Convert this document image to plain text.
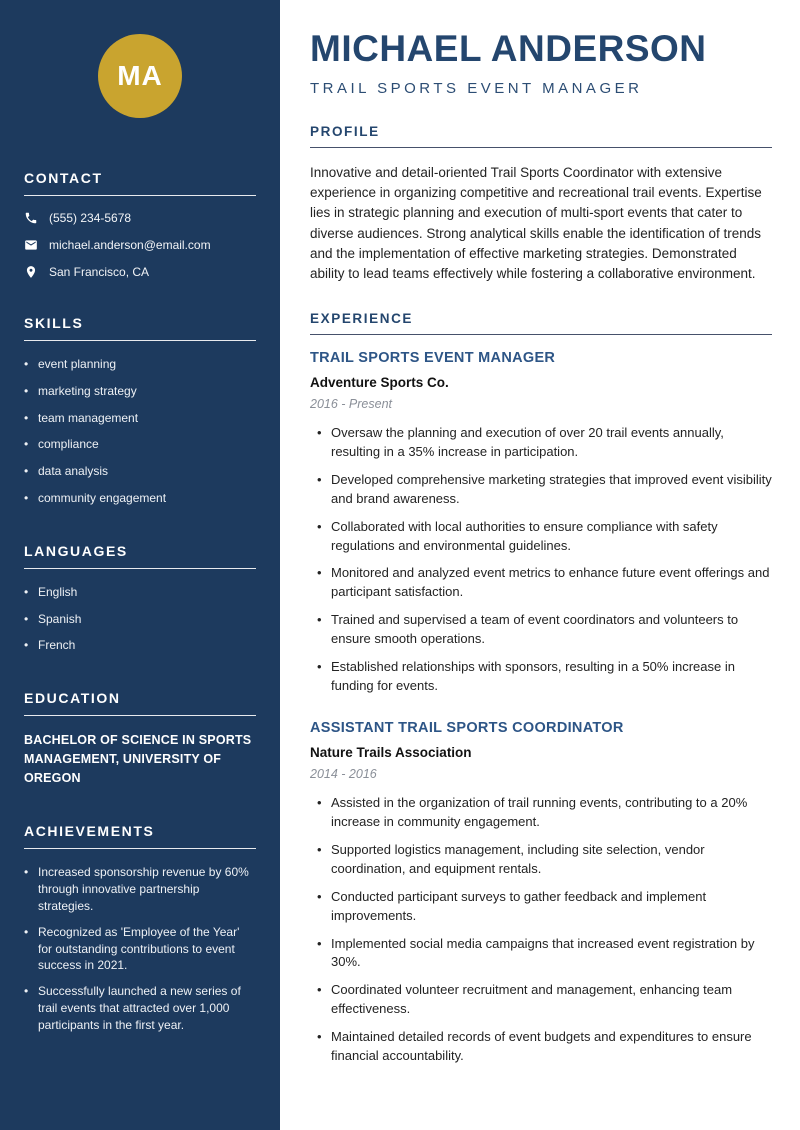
MA
CONTACT
(555) 234-5678
michael.anderson@email.com
San Francisco, CA
SKILLS
• event planning
• marketing strategy
• team management
• compliance
• data analysis
• community engagement
LANGUAGES
• English
• Spanish
• French
EDUCATION
BACHELOR OF SCIENCE IN SPORTS MANAGEMENT, UNIVERSITY OF OREGON
ACHIEVEMENTS
• Increased sponsorship revenue by 60% through innovative partnership strategies.
• Recognized as 'Employee of the Year' for outstanding contributions to event success in 2021.
• Successfully launched a new series of trail events that attracted over 1,000 participants in the first year.
MICHAEL ANDERSON
TRAIL SPORTS EVENT MANAGER
PROFILE

Innovative and detail-oriented Trail Sports Coordinator with extensive experience in organizing competitive and recreational trail events. Expertise lies in strategic planning and execution of multi-sport events that cater to diverse audiences. Strong analytical skills enable the identification of trends and the implementation of effective marketing strategies. Demonstrated ability to lead teams effectively while fostering a collaborative environment.

EXPERIENCE
TRAIL SPORTS EVENT MANAGER
Adventure Sports Co.
2016 - Present
• Oversaw the planning and execution of over 20 trail events annually, resulting in a 35% increase in participation.
• Developed comprehensive marketing strategies that improved event visibility and brand awareness.
• Collaborated with local authorities to ensure compliance with safety regulations and environmental guidelines.
• Monitored and analyzed event metrics to enhance future event offerings and participant satisfaction.
• Trained and supervised a team of event coordinators and volunteers to ensure smooth operations.
• Established relationships with sponsors, resulting in a 50% increase in funding for events.
ASSISTANT TRAIL SPORTS COORDINATOR
Nature Trails Association
2014 - 2016
• Assisted in the organization of trail running events, contributing to a 20% increase in community engagement.
• Supported logistics management, including site selection, vendor coordination, and equipment rentals.
• Conducted participant surveys to gather feedback and implement improvements.
• Implemented social media campaigns that increased event registration by 30%.
• Coordinated volunteer recruitment and management, enhancing team effectiveness.
• Maintained detailed records of event budgets and expenditures to ensure financial accountability.
